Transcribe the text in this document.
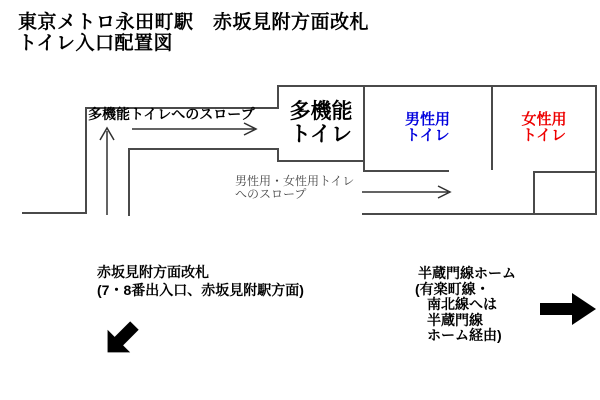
東京メトロ永田町駅　赤坂見附方面改札
トイレ入口配置図
多機能
トイレ
男性用
トイレ
女性用
トイレ
多機能トイレへのスロープ
男性用・女性用トイレ
へのスロープ
赤坂見附方面改札
(7・8番出入口、赤坂見附駅方面)
半蔵門線ホーム
(有楽町線・
南北線へは
半蔵門線
ホーム経由)
